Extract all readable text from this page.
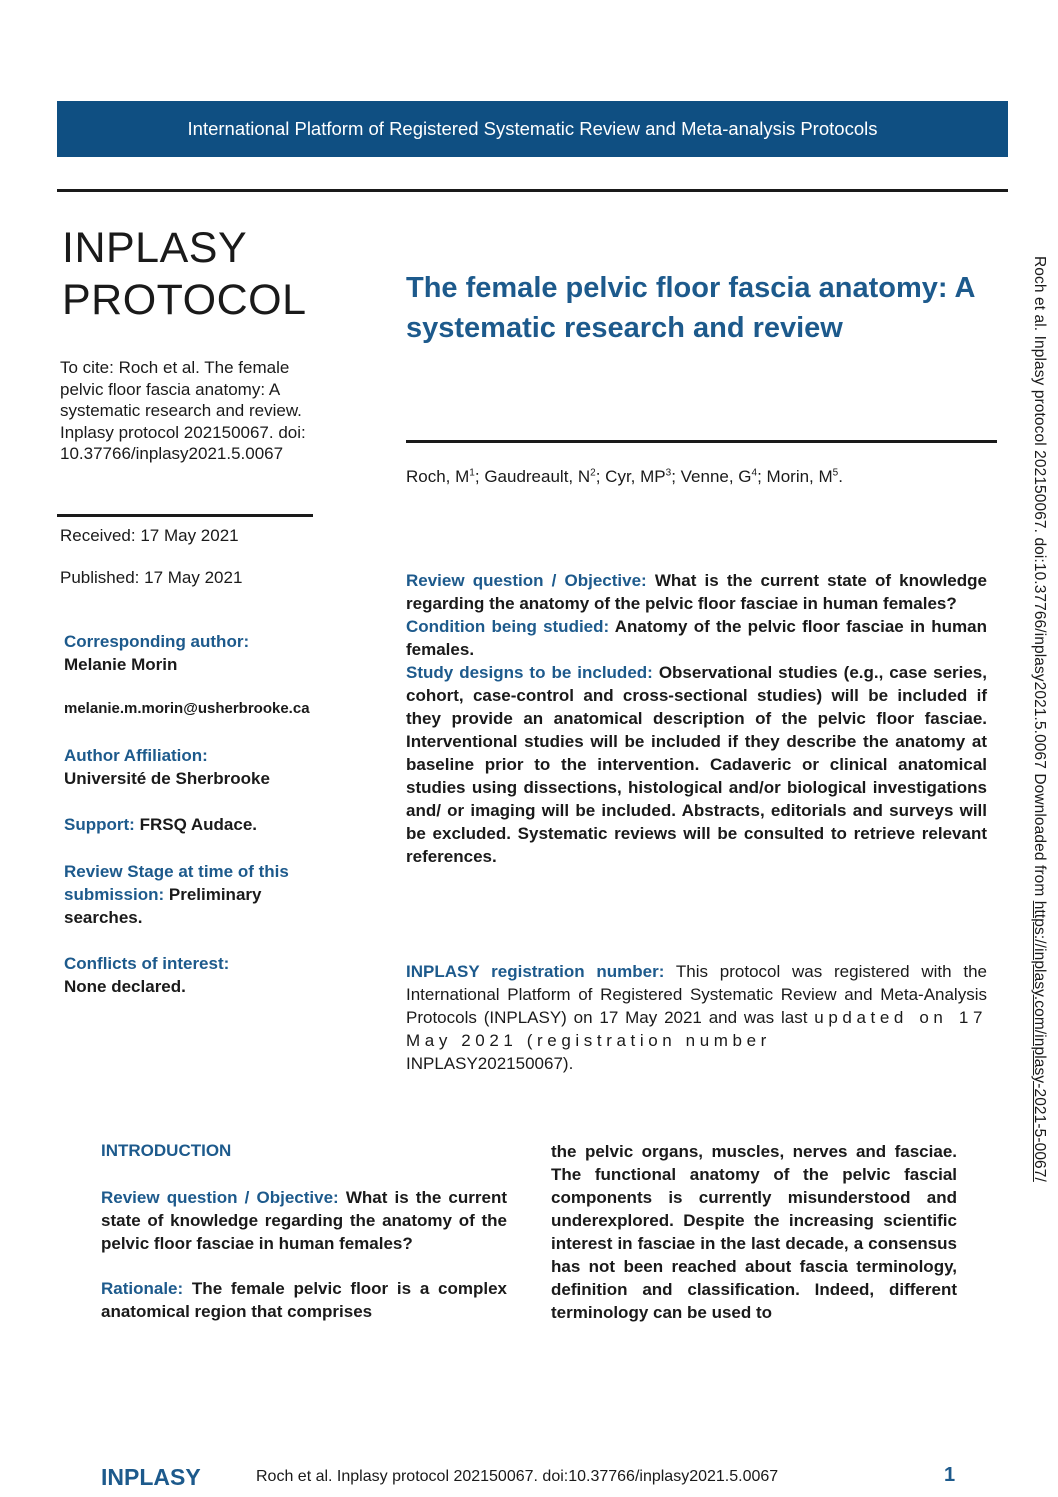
International Platform of Registered Systematic Review and Meta-analysis Protocols
INPLASY
PROTOCOL
To cite: Roch et al. The female pelvic floor fascia anatomy: A systematic research and review. Inplasy protocol 202150067. doi: 10.37766/inplasy2021.5.0067
Received: 17 May 2021
Published: 17 May 2021
Corresponding author:
Melanie Morin
melanie.m.morin@usherbrooke.ca
Author Affiliation:
Université de Sherbrooke
Support: FRSQ Audace.
Review Stage at time of this submission: Preliminary searches.
Conflicts of interest:
None declared.
The female pelvic floor fascia anatomy: A systematic research and review
Roch, $M^1$; Gaudreault, $N^2$; Cyr, $MP^3$; Venne, $G^4$; Morin, $M^5$.
Review question / Objective: What is the current state of knowledge regarding the anatomy of the pelvic floor fasciae in human females?
Condition being studied: Anatomy of the pelvic floor fasciae in human females.
Study designs to be included: Observational studies (e.g., case series, cohort, case-control and cross-sectional studies) will be included if they provide an anatomical description of the pelvic floor fasciae. Interventional studies will be included if they describe the anatomy at baseline prior to the intervention. Cadaveric or clinical anatomical studies using dissections, histological and/or biological investigations and/ or imaging will be included. Abstracts, editorials and surveys will be excluded. Systematic reviews will be consulted to retrieve relevant references.
INPLASY registration number: This protocol was registered with the International Platform of Registered Systematic Review and Meta-Analysis Protocols (INPLASY) on 17 May 2021 and was last updated on 17 May 2021 (registration number
INPLASY202150067).
INTRODUCTION
Review question / Objective: What is the current state of knowledge regarding the anatomy of the pelvic floor fasciae in human females?
Rationale: The female pelvic floor is a complex anatomical region that comprises
the pelvic organs, muscles, nerves and fasciae. The functional anatomy of the pelvic fascial components is currently misunderstood and underexplored. Despite the increasing scientific interest in fasciae in the last decade, a consensus has not been reached about fascia terminology, definition and classification. Indeed, different terminology can be used to
INPLASY	Roch et al. Inplasy protocol 202150067. doi:10.37766/inplasy2021.5.0067	1
Roch et al. Inplasy protocol 202150067. doi:10.37766/inplasy2021.5.0067 Downloaded from https://inplasy.com/inplasy-2021-5-0067/
